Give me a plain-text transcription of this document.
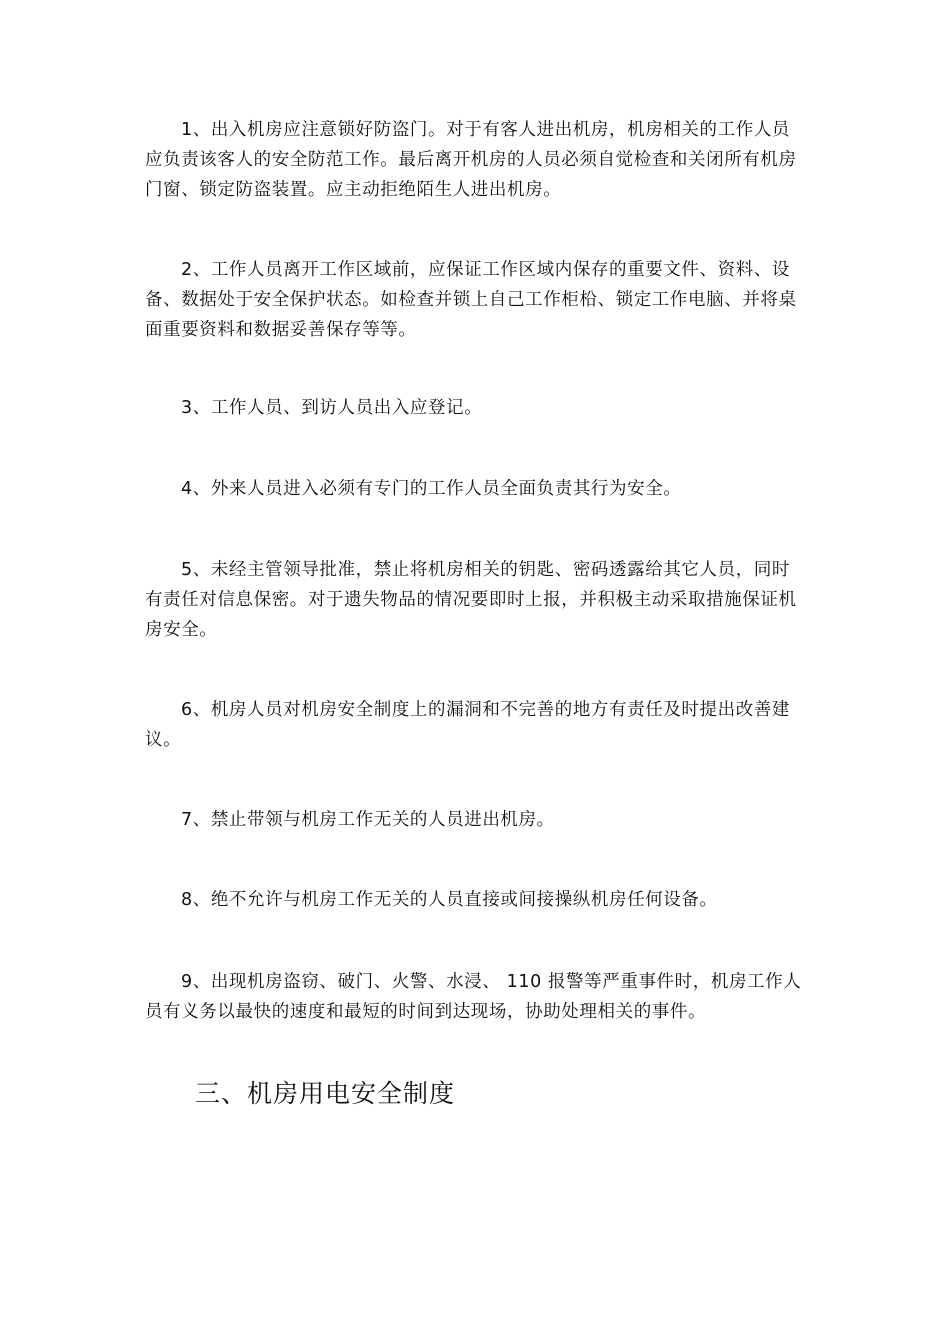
1、出入机房应注意锁好防盗门。对于有客人进出机房，机房相关的工作人员应负责该客人的安全防范工作。最后离开机房的人员必须自觉检查和关闭所有机房门窗、锁定防盗装置。应主动拒绝陌生人进出机房。

2、工作人员离开工作区域前，应保证工作区域内保存的重要文件、资料、设备、数据处于安全保护状态。如检查并锁上自己工作柜柗、锁定工作电脑、并将桌面重要资料和数据妥善保存等等。

3、工作人员、到访人员出入应登记。

4、外来人员进入必须有专门的工作人员全面负责其行为安全。

5、未经主管领导批准，禁止将机房相关的钥匙、密码透露给其它人员，同时有责任对信息保密。对于遗失物品的情况要即时上报，并积极主动采取措施保证机房安全。

6、机房人员对机房安全制度上的漏洞和不完善的地方有责任及时提出改善建议。

7、禁止带领与机房工作无关的人员进出机房。

8、绝不允许与机房工作无关的人员直接或间接操纵机房任何设备。

9、出现机房盗窃、破门、火警、水浸、 110 报警等严重事件时，机房工作人员有义务以最快的速度和最短的时间到达现场，协助处理相关的事件。

三、机房用电安全制度
